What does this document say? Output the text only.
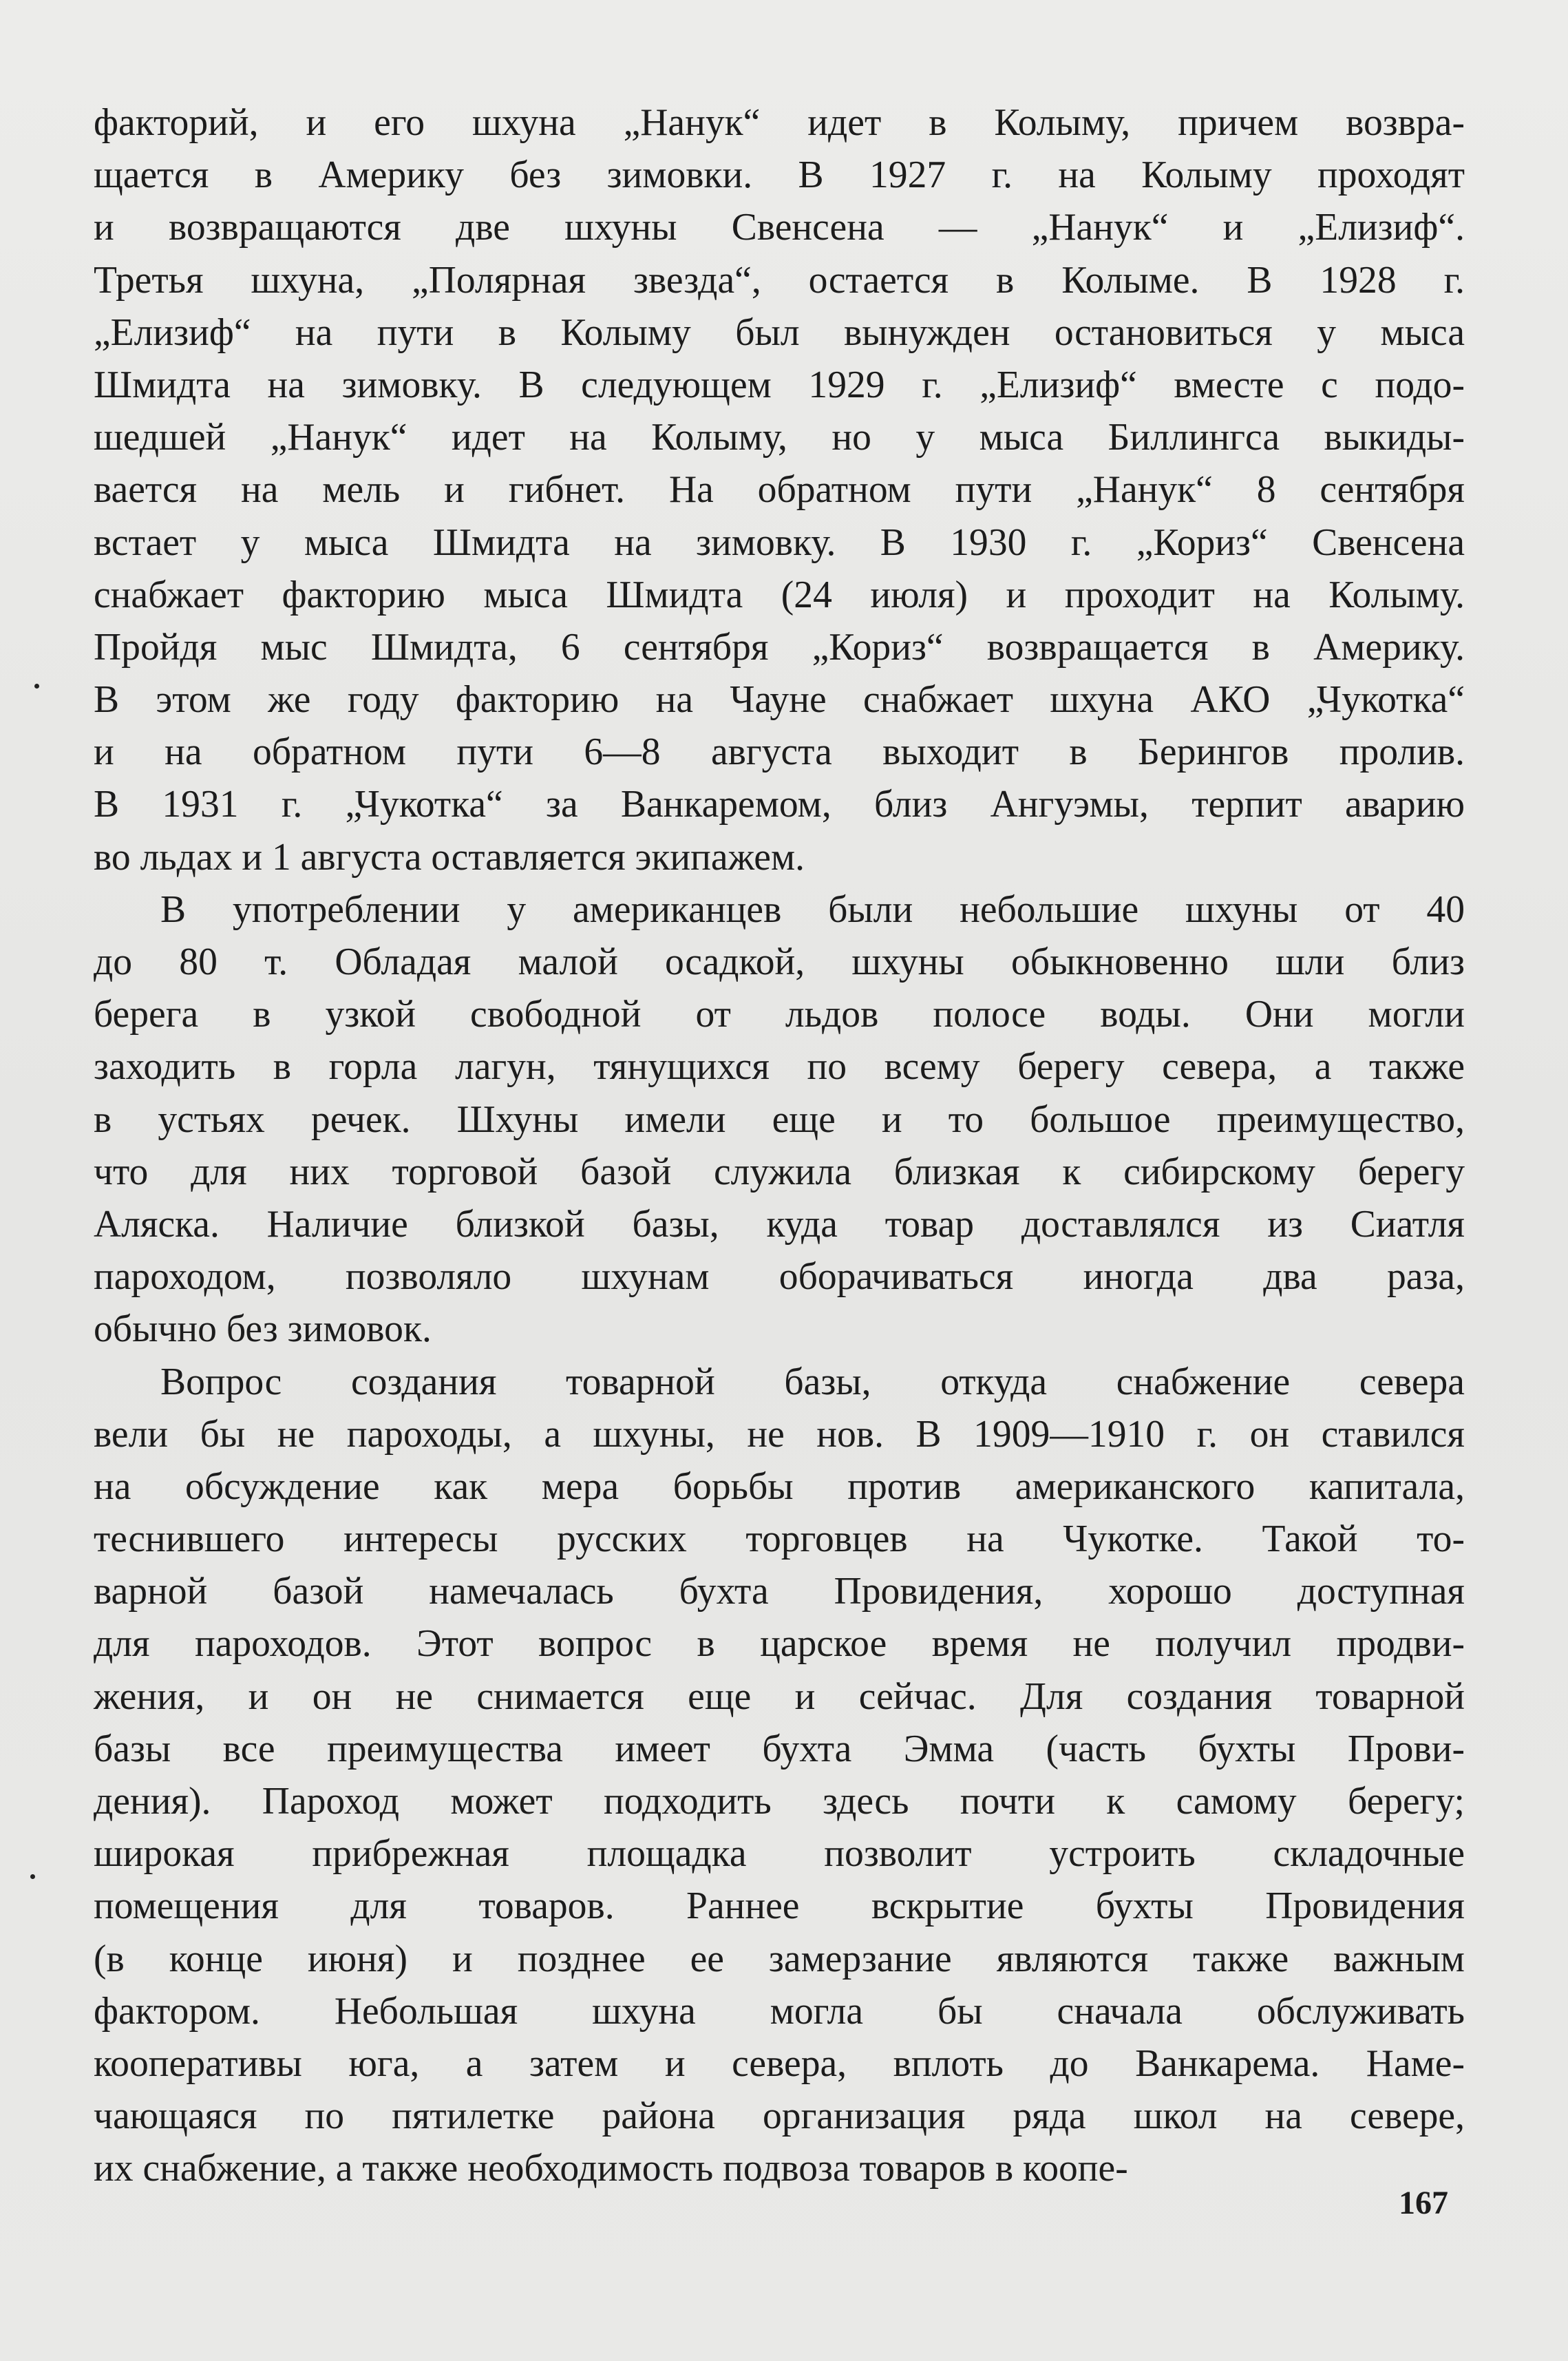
факторий, и его шхуна „Нанук“ идет в Колыму, причем возвра-
щается в Америку без зимовки. В 1927 г. на Колыму проходят
и возвращаются две шхуны Свенсена — „Нанук“ и „Елизиф“.
Третья шхуна, „Полярная звезда“, остается в Колыме. В 1928 г.
„Елизиф“ на пути в Колыму был вынужден остановиться у мыса
Шмидта на зимовку. В следующем 1929 г. „Елизиф“ вместе с подо-
шедшей „Нанук“ идет на Колыму, но у мыса Биллингса выкиды-
вается на мель и гибнет. На обратном пути „Нанук“ 8 сентября
встает у мыса Шмидта на зимовку. В 1930 г. „Кориз“ Свенсена
снабжает факторию мыса Шмидта (24 июля) и проходит на Колыму.
Пройдя мыс Шмидта, 6 сентября „Кориз“ возвращается в Америку.
В этом же году факторию на Чауне снабжает шхуна АКО „Чукотка“
и на обратном пути 6—8 августа выходит в Берингов пролив.
В 1931 г. „Чукотка“ за Ванкаремом, близ Ангуэмы, терпит аварию
во льдах и 1 августа оставляется экипажем.
В употреблении у американцев были небольшие шхуны от 40
до 80 т. Обладая малой осадкой, шхуны обыкновенно шли близ
берега в узкой свободной от льдов полосе воды. Они могли
заходить в горла лагун, тянущихся по всему берегу севера, а также
в устьях речек. Шхуны имели еще и то большое преимущество,
что для них торговой базой служила близкая к сибирскому берегу
Аляска. Наличие близкой базы, куда товар доставлялся из Сиатля
пароходом, позволяло шхунам оборачиваться иногда два раза,
обычно без зимовок.
Вопрос создания товарной базы, откуда снабжение севера
вели бы не пароходы, а шхуны, не нов. В 1909—1910 г. он ставился
на обсуждение как мера борьбы против американского капитала,
теснившего интересы русских торговцев на Чукотке. Такой то-
варной базой намечалась бухта Провидения, хорошо доступная
для пароходов. Этот вопрос в царское время не получил продви-
жения, и он не снимается еще и сейчас. Для создания товарной
базы все преимущества имеет бухта Эмма (часть бухты Прови-
дения). Пароход может подходить здесь почти к самому берегу;
широкая прибрежная площадка позволит устроить складочные
помещения для товаров. Раннее вскрытие бухты Провидения
(в конце июня) и позднее ее замерзание являются также важным
фактором. Небольшая шхуна могла бы сначала обслуживать
кооперативы юга, а затем и севера, вплоть до Ванкарема. Наме-
чающаяся по пятилетке района организация ряда школ на севере,
их снабжение, а также необходимость подвоза товаров в коопе-
167
